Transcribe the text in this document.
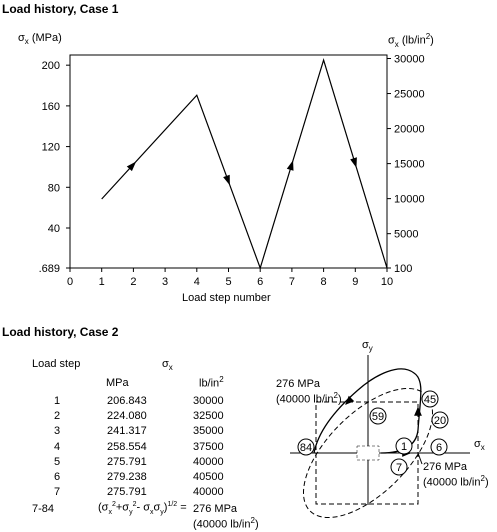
Load history, Case 1
$\sigma_x$ (MPa)	$\sigma_x$ $(lb/in^2)$
0 1 2 3 4 5 6 7 8 9 10
.689
40
80
120
160
200
100
5000
10000
15000
20000
25000
30000
Load step number
Load history, Case 2
Load step	$\sigma_x$
MPa	$lb/in^2$
1	206.843	30000
2	224.080	32500
3	241.317	35000
4	258.554	37500
5	275.791	40000
6	279.238	40500
7	275.791	40000
7-84	($\sigma_x^2+\sigma_y^2-$ $\sigma_x\sigma_y)^{1/2} = 276$ MPa
(40000 $lb/in^2$)
1	6
7
20
45
59
84
$\sigma_y$
$\sigma_x$
276 MPa
(40000 $lb/in^2$)
276 MPa
(40000 $lb/in^2$)
